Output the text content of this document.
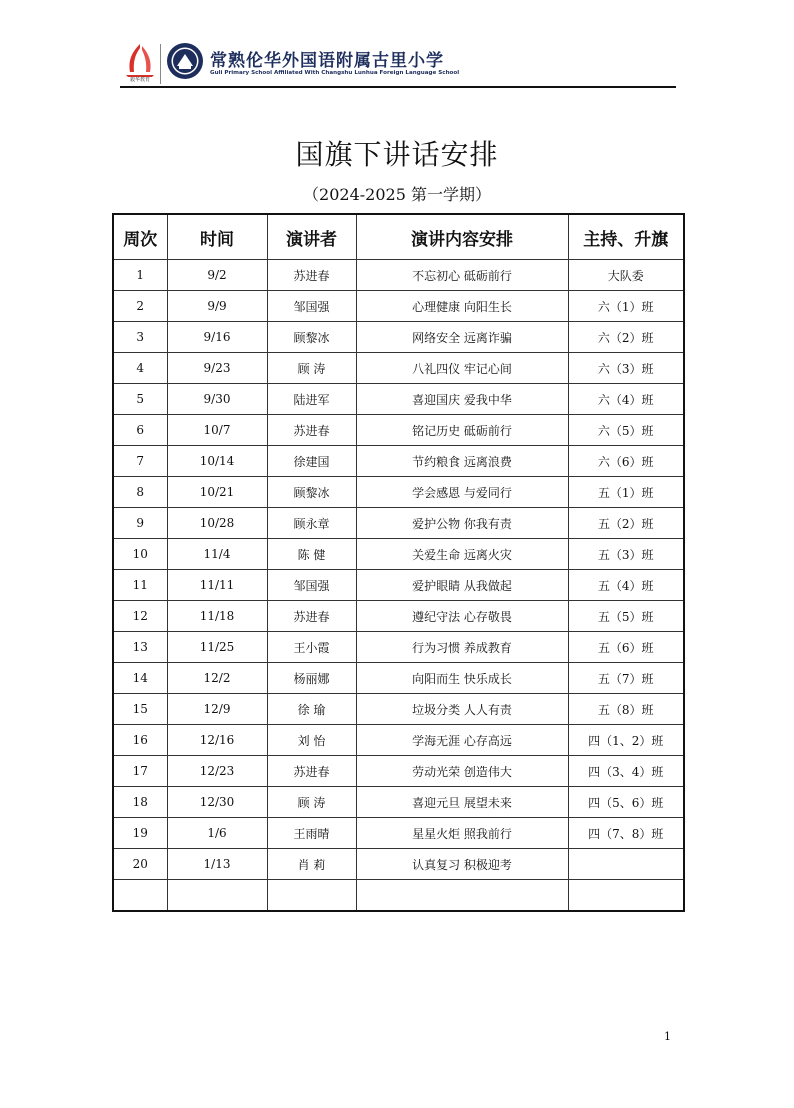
毅华教育
常熟伦华外国语附属古里小学
Guli Primary School Affiliated With Changshu Lunhua Foreign Language School
国旗下讲话安排
（2024-2025 第一学期）
周次	时间	演讲者	演讲内容安排	主持、升旗
1	9/2	苏进春	不忘初心 砥砺前行	大队委
2	9/9	邹国强	心理健康 向阳生长	六（1）班
3	9/16	顾黎冰	网络安全 远离诈骗	六（2）班
4	9/23	顾 涛	八礼四仪 牢记心间	六（3）班
5	9/30	陆进军	喜迎国庆 爱我中华	六（4）班
6	10/7	苏进春	铭记历史 砥砺前行	六（5）班
7	10/14	徐建国	节约粮食 远离浪费	六（6）班
8	10/21	顾黎冰	学会感恩 与爱同行	五（1）班
9	10/28	顾永章	爱护公物 你我有责	五（2）班
10	11/4	陈 健	关爱生命 远离火灾	五（3）班
11	11/11	邹国强	爱护眼睛 从我做起	五（4）班
12	11/18	苏进春	遵纪守法 心存敬畏	五（5）班
13	11/25	王小霞	行为习惯 养成教育	五（6）班
14	12/2	杨丽娜	向阳而生 快乐成长	五（7）班
15	12/9	徐 瑜	垃圾分类 人人有责	五（8）班
16	12/16	刘 怡	学海无涯 心存高远	四（1、2）班
17	12/23	苏进春	劳动光荣 创造伟大	四（3、4）班
18	12/30	顾 涛	喜迎元旦 展望未来	四（5、6）班
19	1/6	王雨晴	星星火炬 照我前行	四（7、8）班
20	1/13	肖 莉	认真复习 积极迎考	

1
